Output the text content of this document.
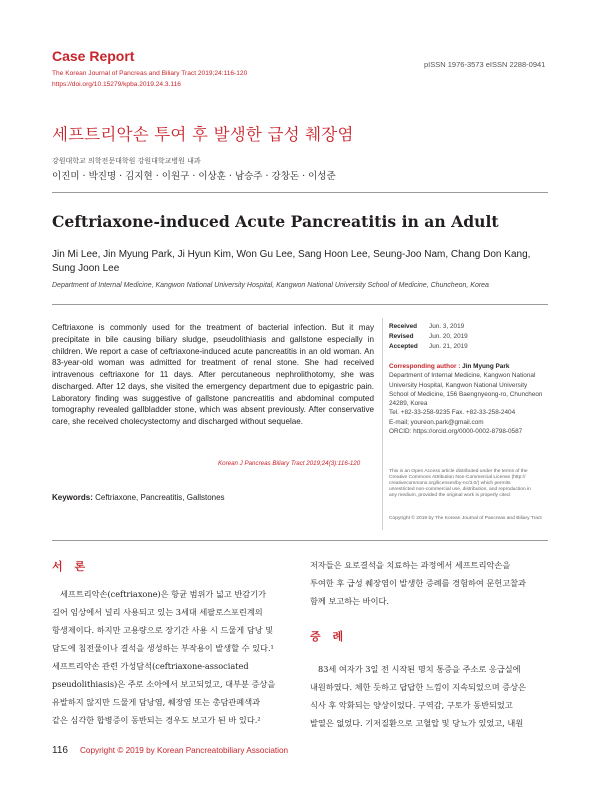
Case Report
pISSN 1976-3573 eISSN 2288-0941
The Korean Journal of Pancreas and Biliary Tract 2019;24:116-120
https://doi.org/10.15279/kpba.2019.24.3.116
세프트리악손 투여 후 발생한 급성 췌장염
강원대학교 의학전문대학원 강원대학교병원 내과
이진미 · 박진명 · 김지현 · 이원구 · 이상훈 · 남승주 · 강창돈 · 이성준
Ceftriaxone-induced Acute Pancreatitis in an Adult
Jin Mi Lee, Jin Myung Park, Ji Hyun Kim, Won Gu Lee, Sang Hoon Lee, Seung-Joo Nam, Chang Don Kang,
Sung Joon Lee
Department of Internal Medicine, Kangwon National University Hospital, Kangwon National University School of Medicine, Chuncheon, Korea
Ceftriaxone is commonly used for the treatment of bacterial infection. But it may precipitate in bile causing biliary sludge, pseudolithiasis and gallstone especially in children. We report a case of ceftriaxone-induced acute pancreatitis in an old woman. An 83-year-old woman was admitted for treatment of renal stone. She had received intravenous ceftriaxone for 11 days. After percutaneous nephrolithotomy, she was discharged. After 12 days, she visited the emergency department due to epigastric pain. Laboratory finding was suggestive of gallstone pancreatitis and abdominal computed tomography revealed gallbladder stone, which was absent previously. After conservative care, she received cholecystectomy and discharged without sequelae.
Korean J Pancreas Biliary Tract 2019;24(3):116-120
Keywords: Ceftriaxone, Pancreatitis, Gallstones
Received	Jun. 3, 2019
Revised	Jun. 20, 2019
Accepted	Jun. 21, 2019
Corresponding author : Jin Myung Park
Department of Internal Medicine, Kangwon National
University Hospital, Kangwon National University
School of Medicine, 156 Baengnyeong-ro, Chuncheon
24289, Korea
Tel. +82-33-258-9235 Fax. +82-33-258-2404
E-mail; youreon.park@gmail.com
ORCID: https://orcid.org/0000-0002-8798-0587
This is an Open Access article distributed under the terms of the
Creative Commons Attribution Non-Commercial License (http://
creativecommons.org/licenses/by-nc/3.0/) which permits
unrestricted non-commercial use, distribution, and reproduction in
any medium, provided the original work is properly cited.
Copyright © 2019 by The Korean Journal of Pancreas and Biliary Tract
서 론
세프트리악손(ceftriaxone)은 항균 범위가 넓고 반감기가
길어 임상에서 널리 사용되고 있는 3세대 세팔로스포린계의
항생제이다. 하지만 고용량으로 장기간 사용 시 드물게 담낭 및
담도에 침전물이나 결석을 생성하는 부작용이 발생할 수 있다.¹
세프트리악손 관련 가성담석(ceftriaxone-associated
pseudolithiasis)은 주로 소아에서 보고되었고, 대부분 증상을
유발하지 않지만 드물게 담낭염, 췌장염 또는 총담관폐색과
같은 심각한 합병증이 동반되는 경우도 보고가 된 바 있다.²
저자들은 요로결석을 치료하는 과정에서 세프트리악손을
투여한 후 급성 췌장염이 발생한 증례를 경험하여 문헌고찰과
함께 보고하는 바이다.
증 례
83세 여자가 3일 전 시작된 명치 통증을 주소로 응급실에
내원하였다. 체한 듯하고 답답한 느낌이 지속되었으며 증상은
식사 후 악화되는 양상이었다. 구역감, 구토가 동반되었고
발열은 없었다. 기저질환으로 고혈압 및 당뇨가 있었고, 내원
116 Copyright © 2019 by Korean Pancreatobiliary Association
